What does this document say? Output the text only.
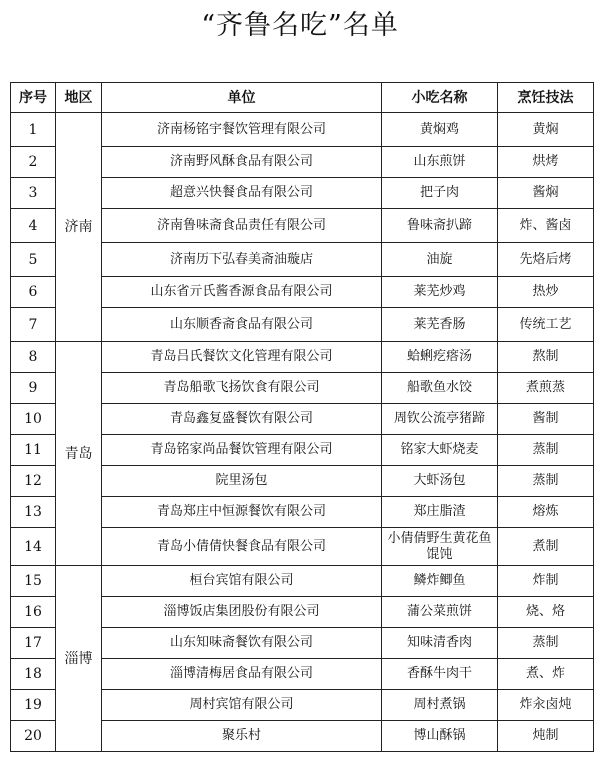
“齐鲁名吃”名单
序号	地区	单位	小吃名称	烹饪技法
1	济南	济南杨铭宇餐饮管理有限公司	黄焖鸡	黄焖
2		济南野风酥食品有限公司	山东煎饼	烘烤
3		超意兴快餐食品有限公司	把子肉	酱焖
4		济南鲁味斋食品责任有限公司	鲁味斋扒蹄	炸、酱卤
5		济南历下弘春美斋油璇店	油旋	先烙后烤
6		山东省亓氏酱香源食品有限公司	莱芜炒鸡	热炒
7		山东顺香斋食品有限公司	莱芜香肠	传统工艺
8	青岛	青岛吕氏餐饮文化管理有限公司	蛤蜊疙瘩汤	熬制
9		青岛船歌飞扬饮食有限公司	船歌鱼水饺	煮煎蒸
10		青岛鑫复盛餐饮有限公司	周钦公流亭猪蹄	酱制
11		青岛铭家尚品餐饮管理有限公司	铭家大虾烧麦	蒸制
12		院里汤包	大虾汤包	蒸制
13		青岛郑庄中恒源餐饮有限公司	郑庄脂渣	熔炼
14		青岛小倩倩快餐食品有限公司	小倩倩野生黄花鱼馄饨	煮制
15	淄博	桓台宾馆有限公司	鳞炸鲫鱼	炸制
16		淄博饭店集团股份有限公司	蒲公菜煎饼	烧、烙
17		山东知味斋餐饮有限公司	知味清香肉	蒸制
18		淄博清梅居食品有限公司	香酥牛肉干	煮、炸
19		周村宾馆有限公司	周村煮锅	炸汆卤炖
20		聚乐村	博山酥锅	炖制
